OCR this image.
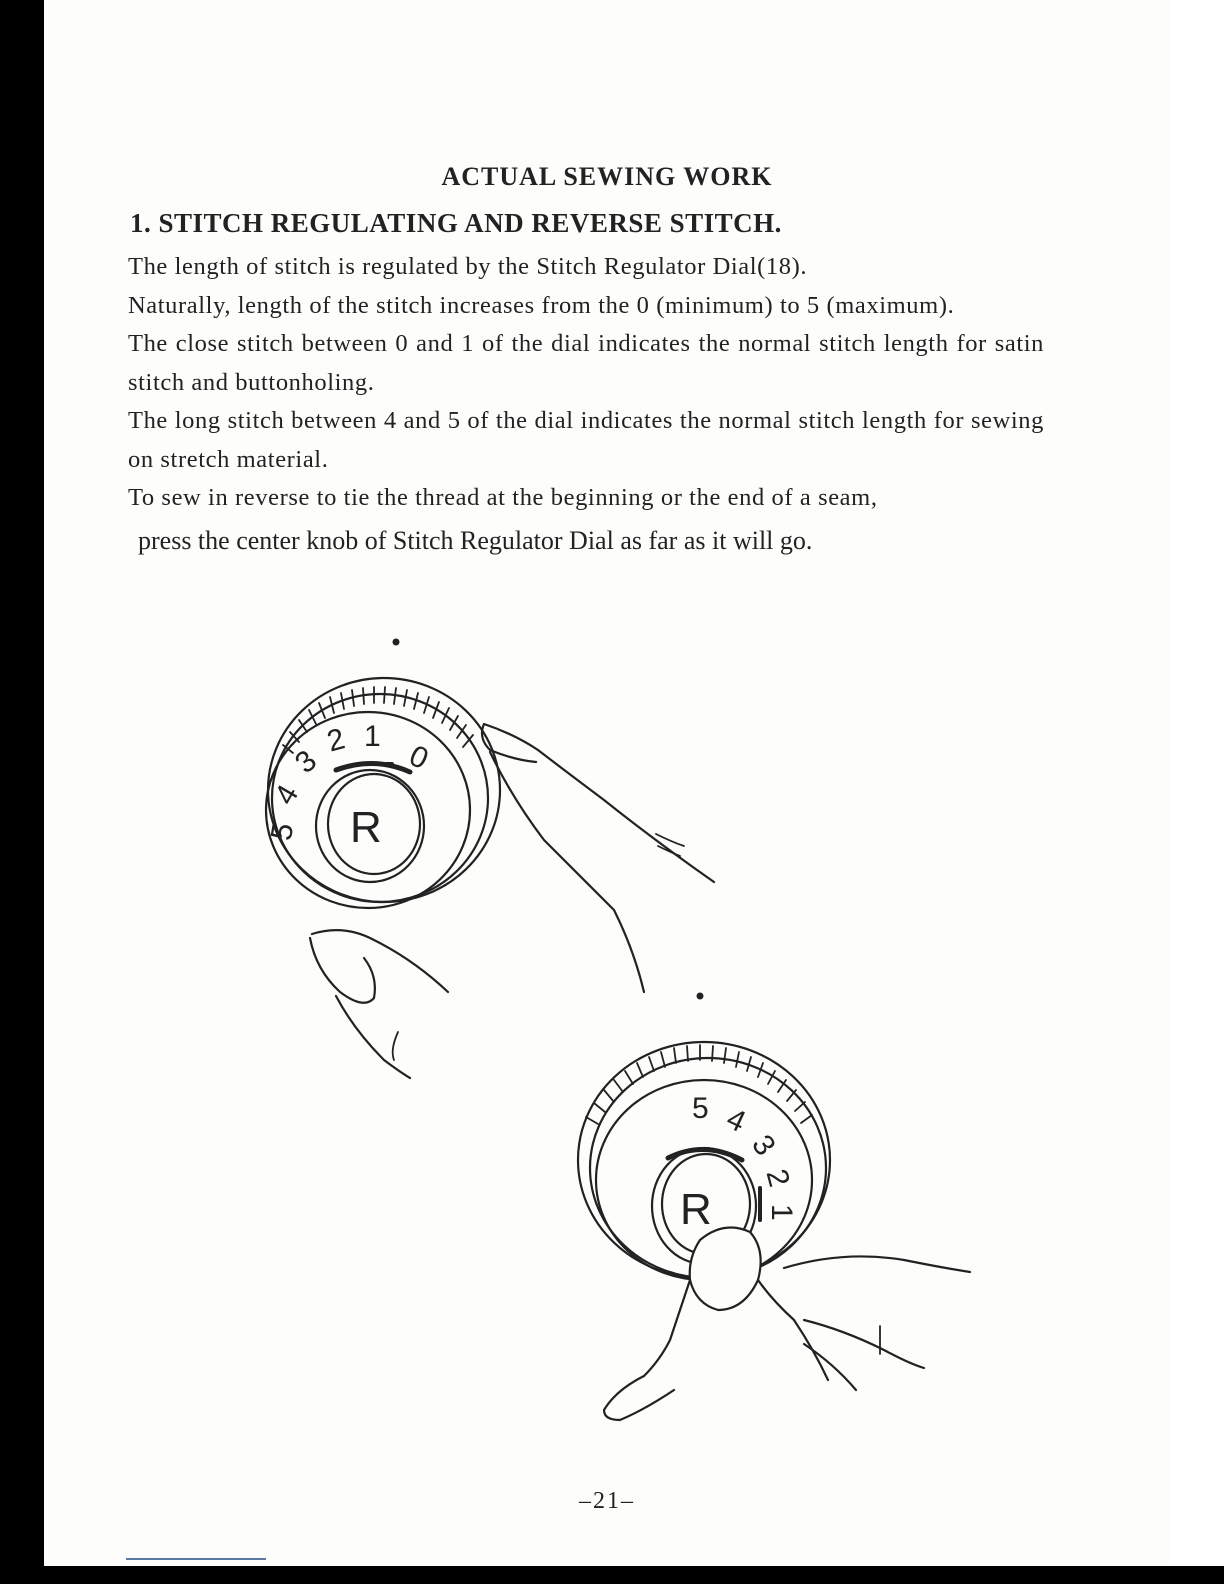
ACTUAL SEWING WORK
1. STITCH REGULATING AND REVERSE STITCH.

The length of stitch is regulated by the Stitch Regulator Dial(18).

Naturally, length of the stitch increases from the 0 (minimum) to 5 (maximum).

The close stitch between 0 and 1 of the dial indicates the normal stitch length for satin stitch and buttonholing.

The long stitch between 4 and 5 of the dial indicates the normal stitch length for sewing on stretch material.

To sew in reverse to tie the thread at the beginning or the end of a seam,

press the center knob of Stitch Regulator Dial as far as it will go.

5
4
3
2 1
0
R
5 4
3
2
1
R
‒21‒
